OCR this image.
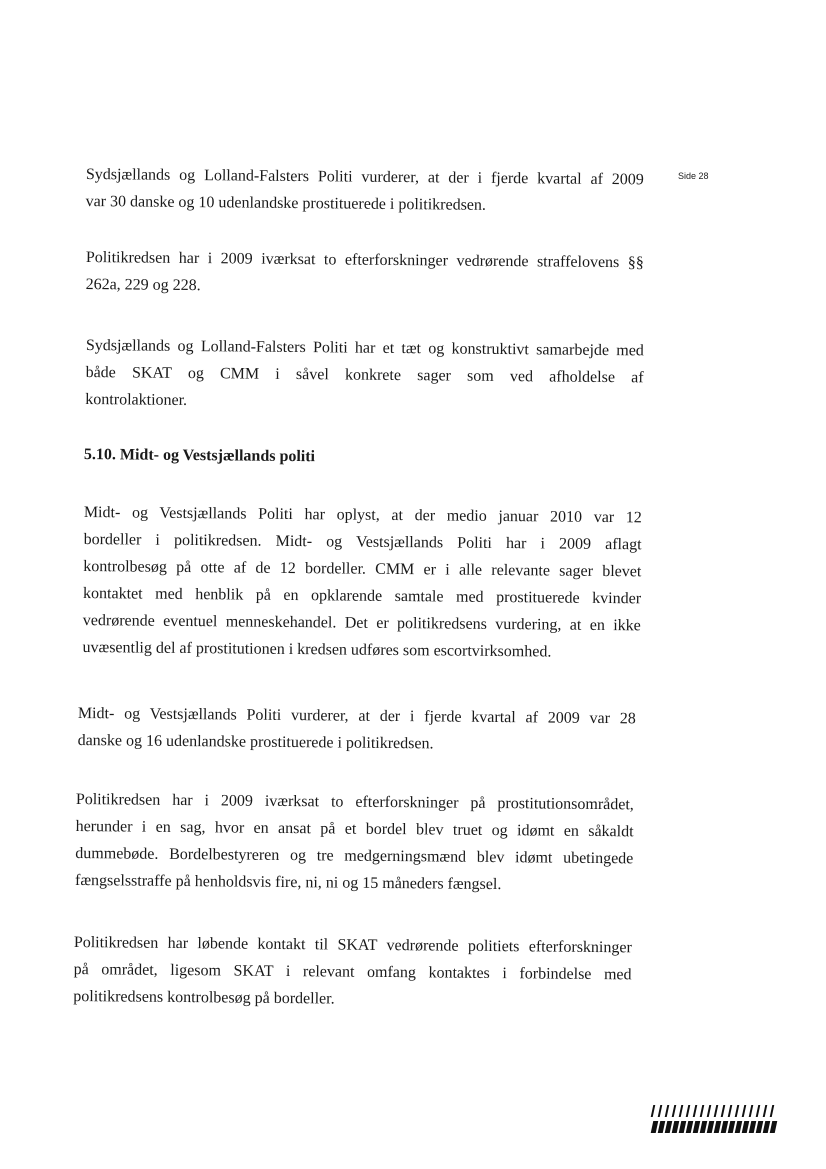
Side 28

Sydsjællands og Lolland-Falsters Politi vurderer, at der i fjerde kvartal af 2009
var 30 danske og 10 udenlandske prostituerede i politikredsen.

Politikredsen har i 2009 iværksat to efterforskninger vedrørende straffelovens §§
262a, 229 og 228.

Sydsjællands og Lolland-Falsters Politi har et tæt og konstruktivt samarbejde med
både SKAT og CMM i såvel konkrete sager som ved afholdelse af
kontrolaktioner.

5.10. Midt- og Vestsjællands politi

Midt- og Vestsjællands Politi har oplyst, at der medio januar 2010 var 12
bordeller i politikredsen. Midt- og Vestsjællands Politi har i 2009 aflagt
kontrolbesøg på otte af de 12 bordeller. CMM er i alle relevante sager blevet
kontaktet med henblik på en opklarende samtale med prostituerede kvinder
vedrørende eventuel menneskehandel. Det er politikredsens vurdering, at en ikke
uvæsentlig del af prostitutionen i kredsen udføres som escortvirksomhed.

Midt- og Vestsjællands Politi vurderer, at der i fjerde kvartal af 2009 var 28
danske og 16 udenlandske prostituerede i politikredsen.

Politikredsen har i 2009 iværksat to efterforskninger på prostitutionsområdet,
herunder i en sag, hvor en ansat på et bordel blev truet og idømt en såkaldt
dummebøde. Bordelbestyreren og tre medgerningsmænd blev idømt ubetingede
fængselsstraffe på henholdsvis fire, ni, ni og 15 måneders fængsel.

Politikredsen har løbende kontakt til SKAT vedrørende politiets efterforskninger
på området, ligesom SKAT i relevant omfang kontaktes i forbindelse med
politikredsens kontrolbesøg på bordeller.
